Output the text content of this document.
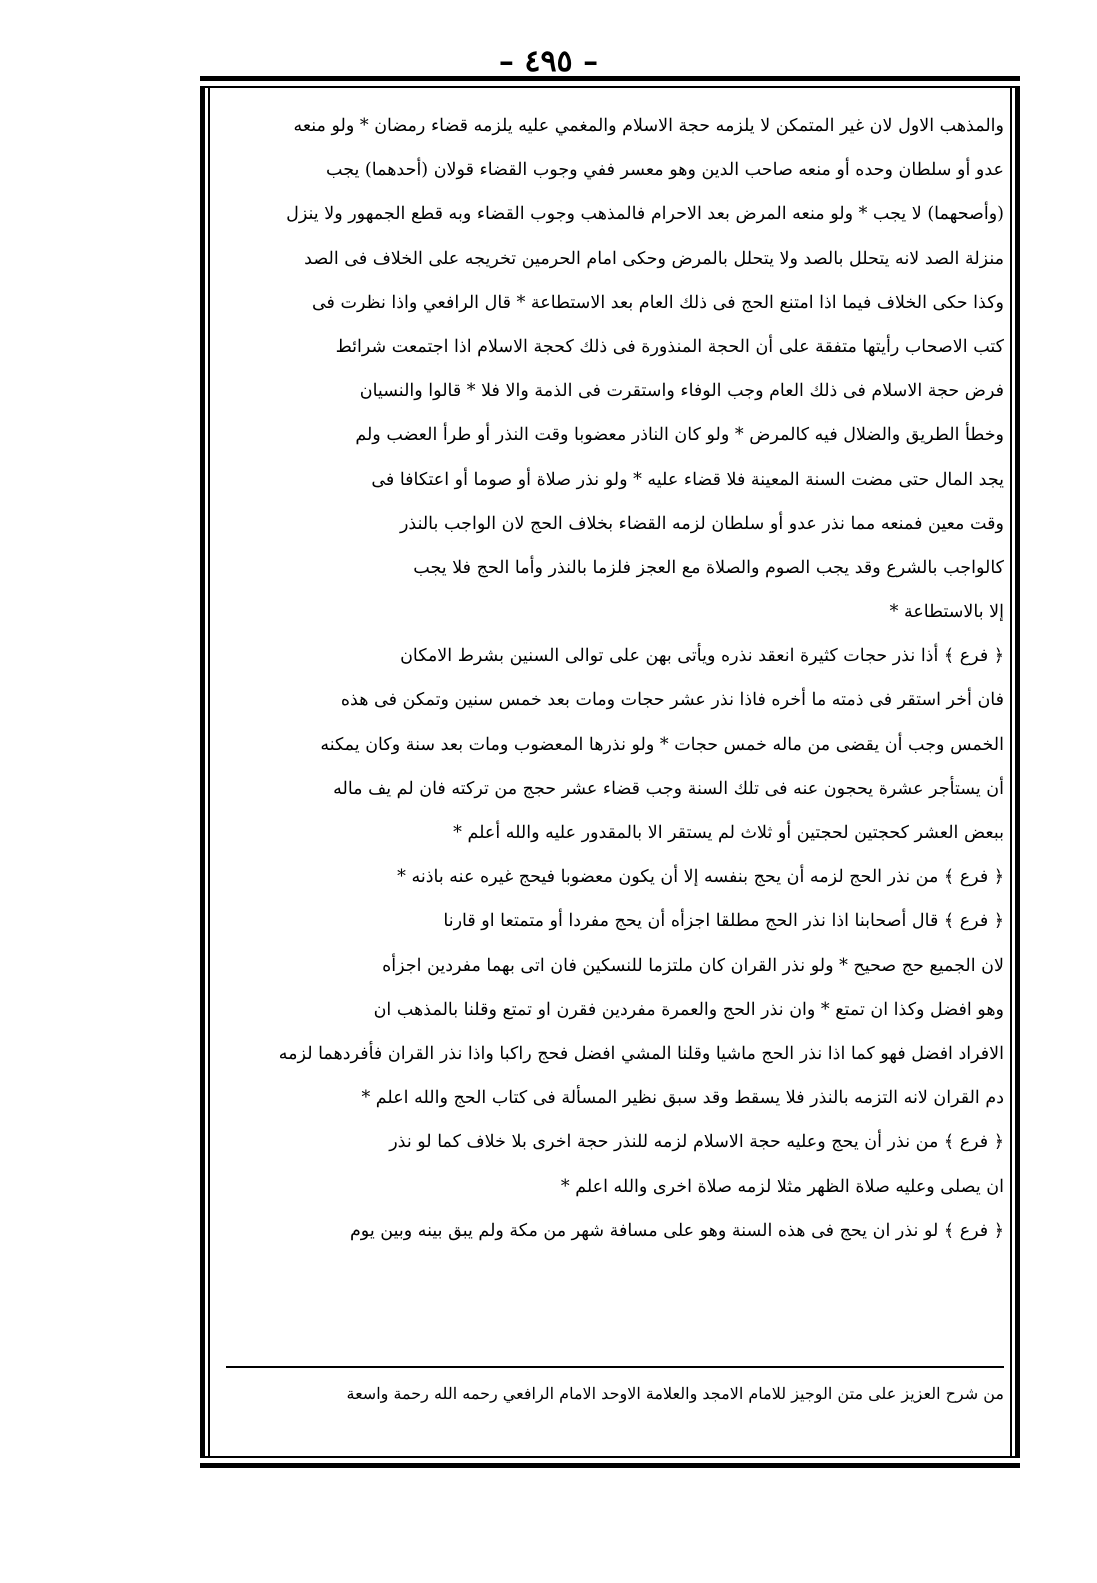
– ٤٩٥ –
والمذهب الاول لان غير المتمكن لا يلزمه حجة الاسلام والمغمي عليه يلزمه قضاء رمضان * ولو منعه
عدو أو سلطان وحده أو منعه صاحب الدين وهو معسر ففي وجوب القضاء قولان (أحدهما) يجب
(وأصحهما) لا يجب * ولو منعه المرض بعد الاحرام فالمذهب وجوب القضاء وبه قطع الجمهور ولا ينزل
منزلة الصد لانه يتحلل بالصد ولا يتحلل بالمرض وحكى امام الحرمين تخريجه على الخلاف فى الصد
وكذا حكى الخلاف فيما اذا امتنع الحج فى ذلك العام بعد الاستطاعة * قال الرافعي واذا نظرت فى
كتب الاصحاب رأيتها متفقة على أن الحجة المنذورة فى ذلك كحجة الاسلام اذا اجتمعت شرائط
فرض حجة الاسلام فى ذلك العام وجب الوفاء واستقرت فى الذمة والا فلا * قالوا والنسيان
وخطأ الطريق والضلال فيه كالمرض * ولو كان الناذر معضوبا وقت النذر أو طرأ العضب ولم
يجد المال حتى مضت السنة المعينة فلا قضاء عليه * ولو نذر صلاة أو صوما أو اعتكافا فى
وقت معين فمنعه مما نذر عدو أو سلطان لزمه القضاء بخلاف الحج لان الواجب بالنذر
كالواجب بالشرع وقد يجب الصوم والصلاة مع العجز فلزما بالنذر وأما الحج فلا يجب
إلا بالاستطاعة *
﴿ فرع ﴾ أذا نذر حجات كثيرة انعقد نذره ويأتى بهن على توالى السنين بشرط الامكان
فان أخر استقر فى ذمته ما أخره فاذا نذر عشر حجات ومات بعد خمس سنين وتمكن فى هذه
الخمس وجب أن يقضى من ماله خمس حجات * ولو نذرها المعضوب ومات بعد سنة وكان يمكنه
أن يستأجر عشرة يحجون عنه فى تلك السنة وجب قضاء عشر حجج من تركته فان لم يف ماله
ببعض العشر كحجتين لحجتين أو ثلاث لم يستقر الا بالمقدور عليه والله أعلم *
﴿ فرع ﴾ من نذر الحج لزمه أن يحج بنفسه إلا أن يكون معضوبا فيحج غيره عنه باذنه *
﴿ فرع ﴾ قال أصحابنا اذا نذر الحج مطلقا اجزأه أن يحج مفردا أو متمتعا او قارنا
لان الجميع حج صحيح * ولو نذر القران كان ملتزما للنسكين فان اتى بهما مفردين اجزأه
وهو افضل وكذا ان تمتع * وان نذر الحج والعمرة مفردين فقرن او تمتع وقلنا بالمذهب ان
الافراد افضل فهو كما اذا نذر الحج ماشيا وقلنا المشي افضل فحج راكبا واذا نذر القران فأفردهما لزمه
دم القران لانه التزمه بالنذر فلا يسقط وقد سبق نظير المسألة فى كتاب الحج والله اعلم *
﴿ فرع ﴾ من نذر أن يحج وعليه حجة الاسلام لزمه للنذر حجة اخرى بلا خلاف كما لو نذر
ان يصلى وعليه صلاة الظهر مثلا لزمه صلاة اخرى والله اعلم *
﴿ فرع ﴾ لو نذر ان يحج فى هذه السنة وهو على مسافة شهر من مكة ولم يبق بينه وبين يوم
من شرح العزيز على متن الوجيز للامام الامجد والعلامة الاوحد الامام الرافعي رحمه الله رحمة واسعة
